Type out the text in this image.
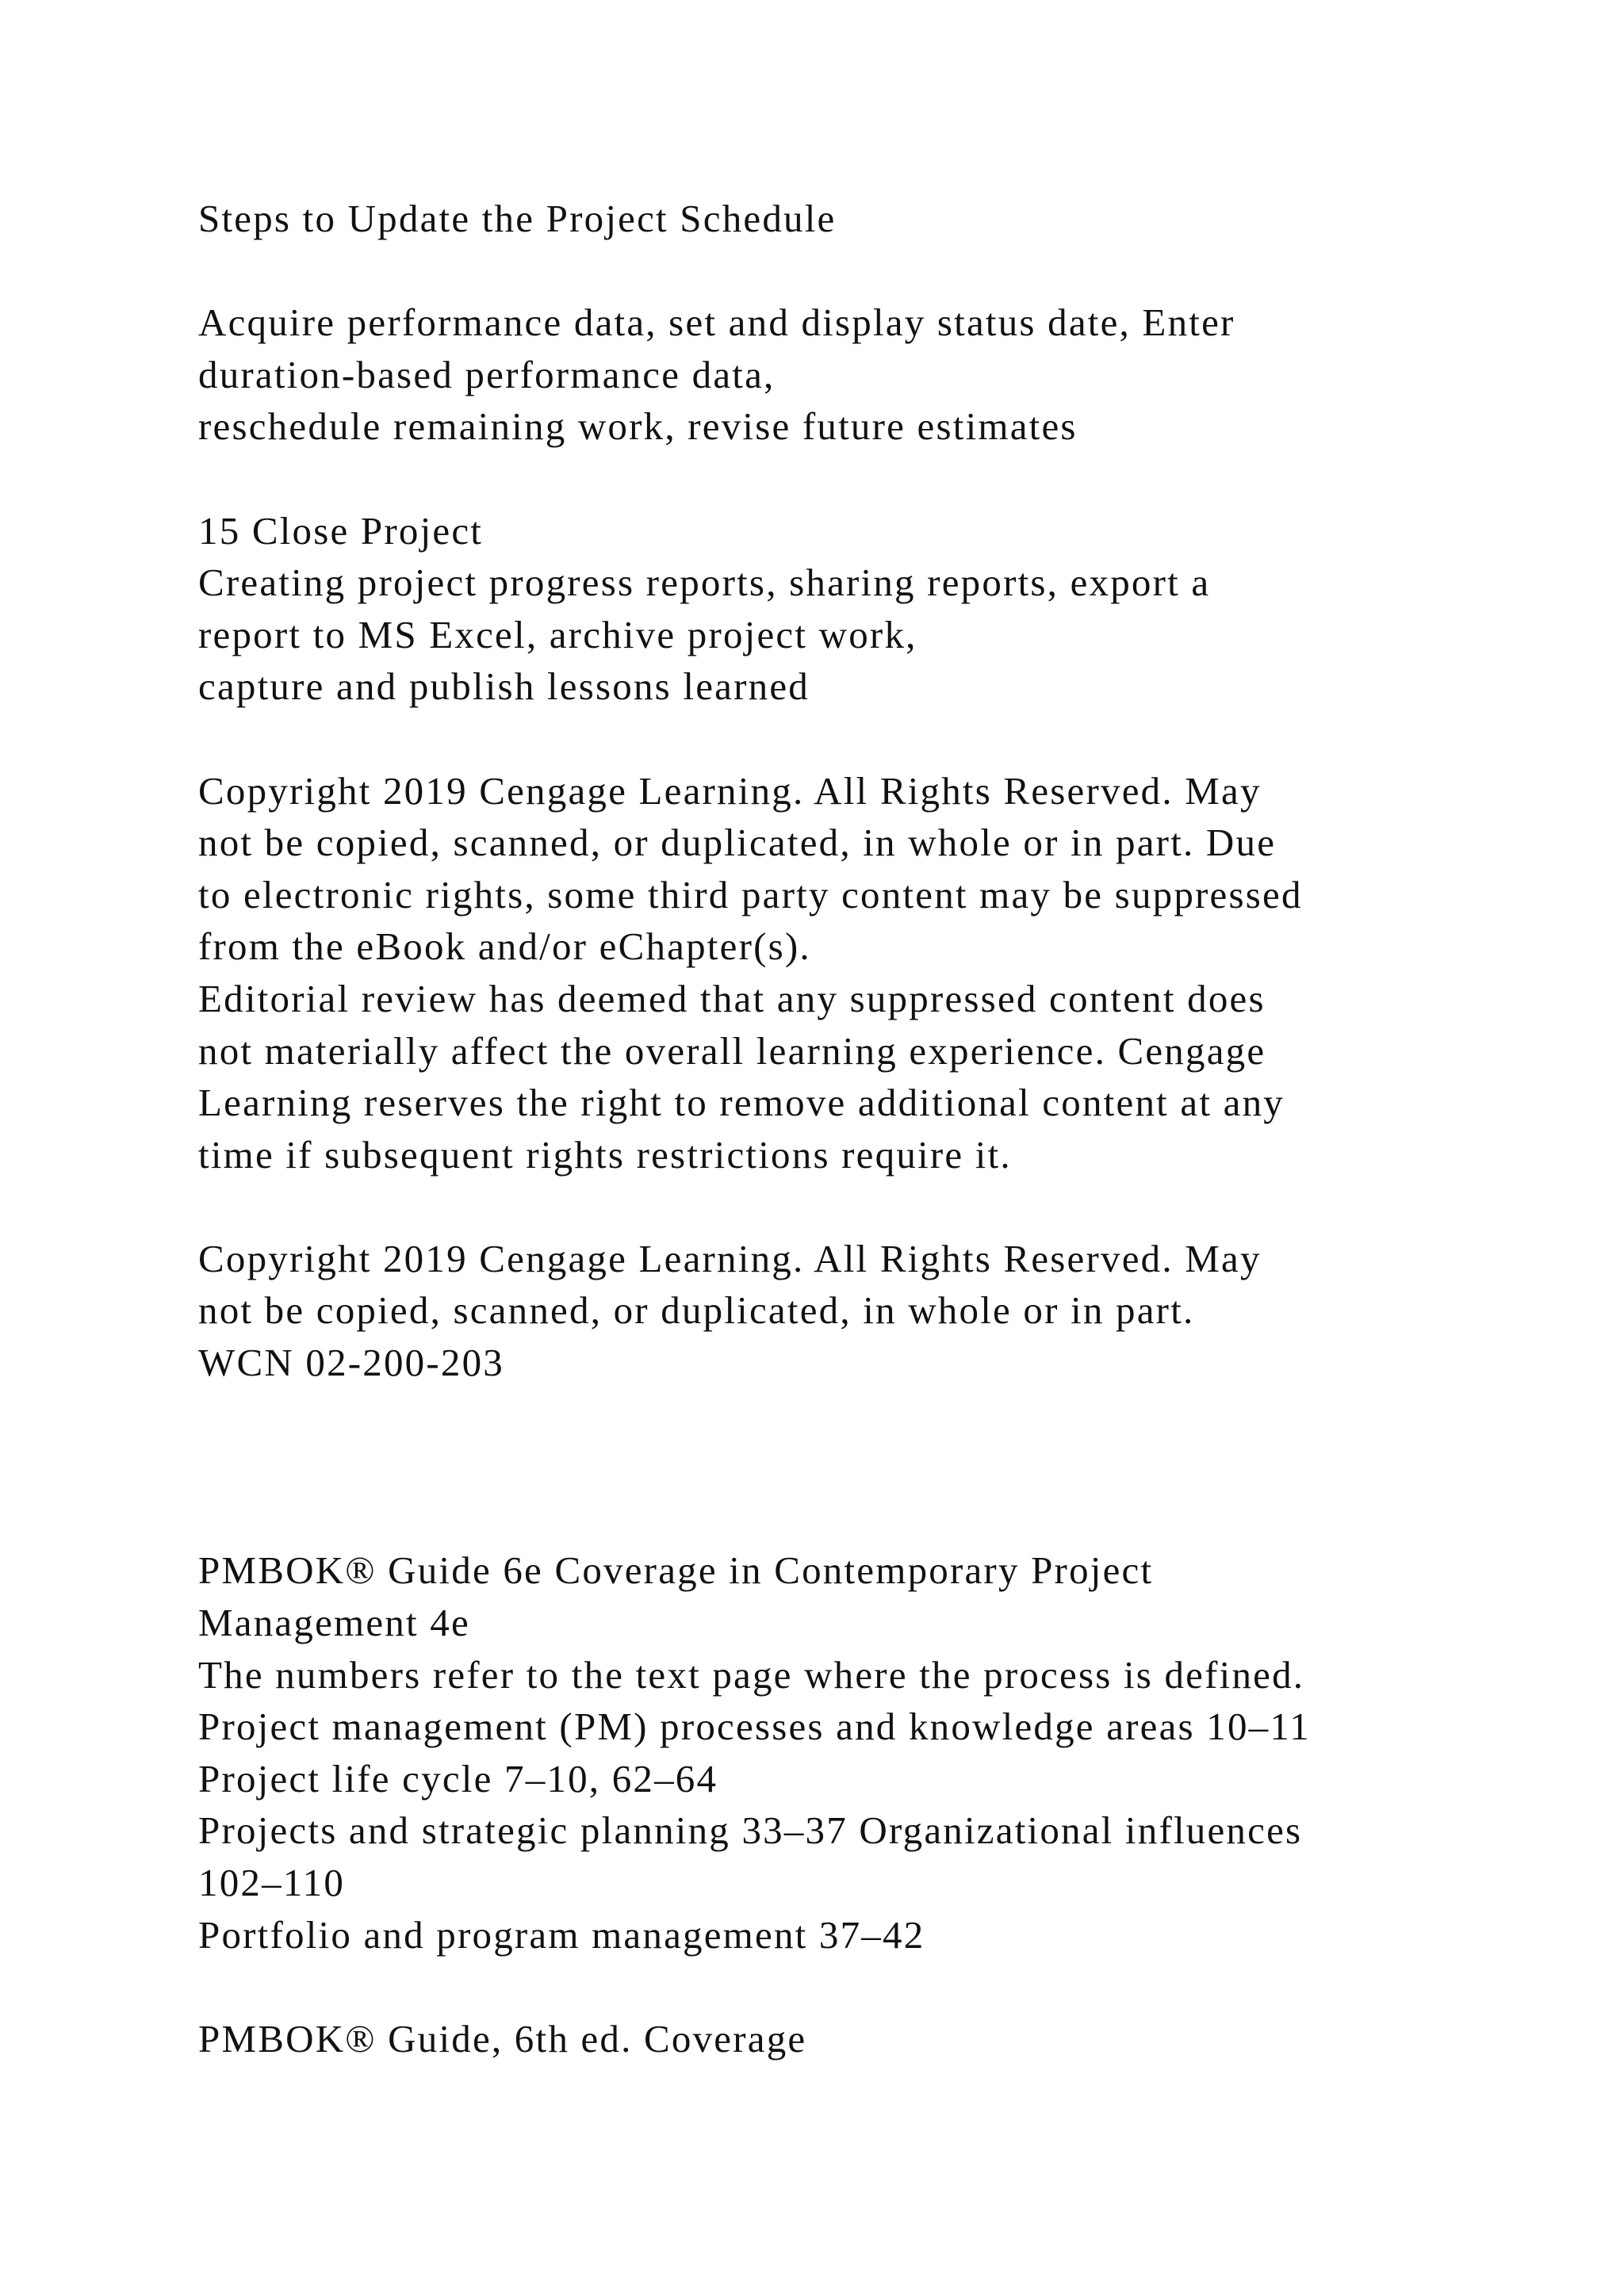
Steps to Update the Project Schedule
Acquire performance data, set and display status date, Enter
duration-based performance data,
reschedule remaining work, revise future estimates
15 Close Project
Creating project progress reports, sharing reports, export a
report to MS Excel, archive project work,
capture and publish lessons learned
Copyright 2019 Cengage Learning. All Rights Reserved. May
not be copied, scanned, or duplicated, in whole or in part. Due
to electronic rights, some third party content may be suppressed
from the eBook and/or eChapter(s).
Editorial review has deemed that any suppressed content does
not materially affect the overall learning experience. Cengage
Learning reserves the right to remove additional content at any
time if subsequent rights restrictions require it.
Copyright 2019 Cengage Learning. All Rights Reserved. May
not be copied, scanned, or duplicated, in whole or in part.
WCN 02-200-203
PMBOK® Guide 6e Coverage in Contemporary Project
Management 4e
The numbers refer to the text page where the process is defined.
Project management (PM) processes and knowledge areas 10–11
Project life cycle 7–10, 62–64
Projects and strategic planning 33–37 Organizational influences
102–110
Portfolio and program management 37–42
PMBOK® Guide, 6th ed. Coverage
